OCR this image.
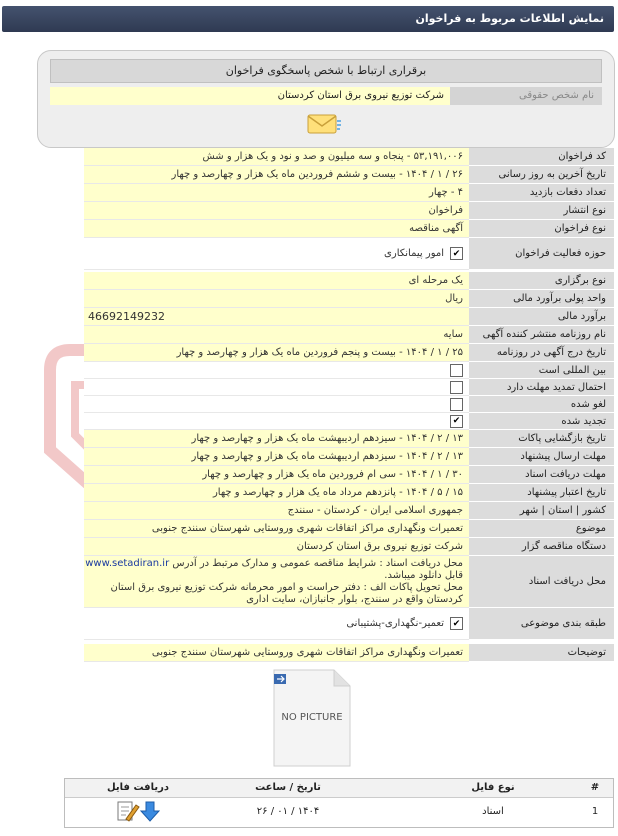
نمایش اطلاعات مربوط به فراخوان
برقراری ارتباط با شخص پاسخگوی فراخوان
نام شخص حقوقی
شرکت توزیع نیروی برق استان کردستان
کد فراخوان
۵۳,۱۹۱,۰۰۶ - پنجاه و سه میلیون و صد و نود و یک هزار و شش
تاریخ آخرین به روز رسانی
۲۶ / ۱ / ۱۴۰۴ - بیست و ششم فروردین ماه یک هزار و چهارصد و چهار
تعداد دفعات بازدید
۴ - چهار
نوع انتشار
فراخوان
نوع فراخوان
آگهی مناقصه
حوزه فعالیت فراخوان
✔
امور پیمانکاری
نوع برگزاری
یک مرحله ای
واحد پولی برآورد مالی
ریال
برآورد مالی
46692149232
نام روزنامه منتشر کننده آگهی
سایه
تاریخ درج آگهی در روزنامه
۲۵ / ۱ / ۱۴۰۴ - بیست و پنجم فروردین ماه یک هزار و چهارصد و چهار
بین المللی است
احتمال تمدید مهلت دارد
لغو شده
تجدید شده
✔
تاریخ بازگشایی پاکات
۱۳ / ۲ / ۱۴۰۴ - سیزدهم اردیبهشت ماه یک هزار و چهارصد و چهار
مهلت ارسال پیشنهاد
۱۳ / ۲ / ۱۴۰۴ - سیزدهم اردیبهشت ماه یک هزار و چهارصد و چهار
مهلت دریافت اسناد
۳۰ / ۱ / ۱۴۰۴ - سی ام فروردین ماه یک هزار و چهارصد و چهار
تاریخ اعتبار پیشنهاد
۱۵ / ۵ / ۱۴۰۴ - پانزدهم مرداد ماه یک هزار و چهارصد و چهار
کشور | استان | شهر
جمهوری اسلامی ایران - کردستان - سنندج
موضوع
تعمیرات ونگهداری مراکز اتفاقات شهری وروستایی شهرستان سنندج جنوبی
دستگاه مناقصه گزار
شرکت توزیع نیروی برق استان کردستان
محل دریافت اسناد
محل دریافت اسناد : شرایط مناقصه عمومی و مدارک مرتبط در آدرس www.setadiran.ir
قابل دانلود میباشد.
محل تحویل پاکات الف : دفتر حراست و امور محرمانه شرکت توزیع نیروی برق استان
کردستان واقع در سنندج، بلوار جانبازان، سایت اداری
طبقه بندی موضوعی
✔
تعمیر-نگهداری-پشتیبانی
توضیحات
تعمیرات ونگهداری مراکز اتفاقات شهری وروستایی شهرستان سنندج جنوبی
NO PICTURE
#
نوع فایل
تاریخ / ساعت
دریافت فایل
1
اسناد
۲۶ / ۰۱ / ۱۴۰۴
